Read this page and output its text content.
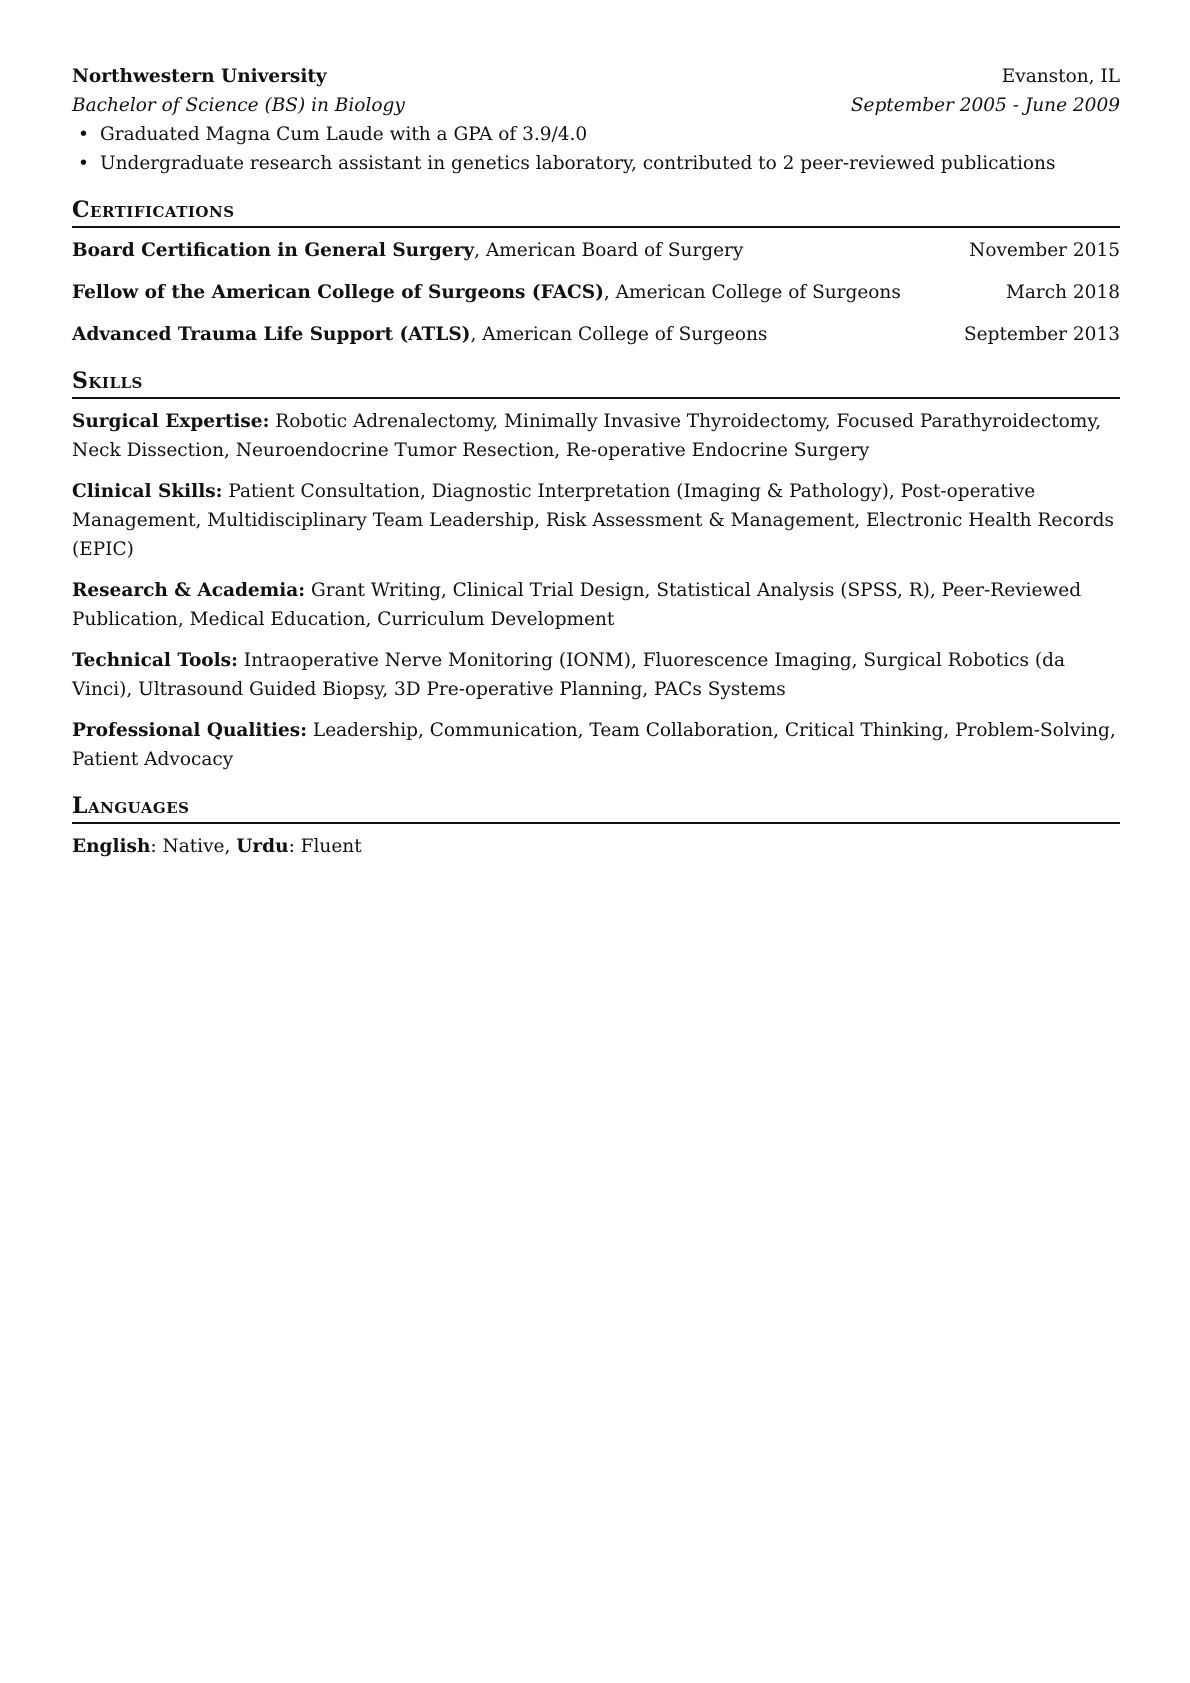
Northwestern University	Evanston, IL
Bachelor of Science (BS) in Biology	September 2005 - June 2009
• Graduated Magna Cum Laude with a GPA of 3.9/4.0
• Undergraduate research assistant in genetics laboratory, contributed to 2 peer-reviewed publications
Certifications
Board Certification in General Surgery, American Board of Surgery	November 2015
Fellow of the American College of Surgeons (FACS), American College of Surgeons	March 2018
Advanced Trauma Life Support (ATLS), American College of Surgeons	September 2013
Skills
Surgical Expertise: Robotic Adrenalectomy, Minimally Invasive Thyroidectomy, Focused Parathyroidectomy, Neck Dissection, Neuroendocrine Tumor Resection, Re-operative Endocrine Surgery
Clinical Skills: Patient Consultation, Diagnostic Interpretation (Imaging & Pathology), Post-operative Management, Multidisciplinary Team Leadership, Risk Assessment & Management, Electronic Health Records (EPIC)
Research & Academia: Grant Writing, Clinical Trial Design, Statistical Analysis (SPSS, R), Peer-Reviewed Publication, Medical Education, Curriculum Development
Technical Tools: Intraoperative Nerve Monitoring (IONM), Fluorescence Imaging, Surgical Robotics (da Vinci), Ultrasound Guided Biopsy, 3D Pre-operative Planning, PACs Systems
Professional Qualities: Leadership, Communication, Team Collaboration, Critical Thinking, Problem-Solving, Patient Advocacy
Languages
English: Native, Urdu: Fluent
